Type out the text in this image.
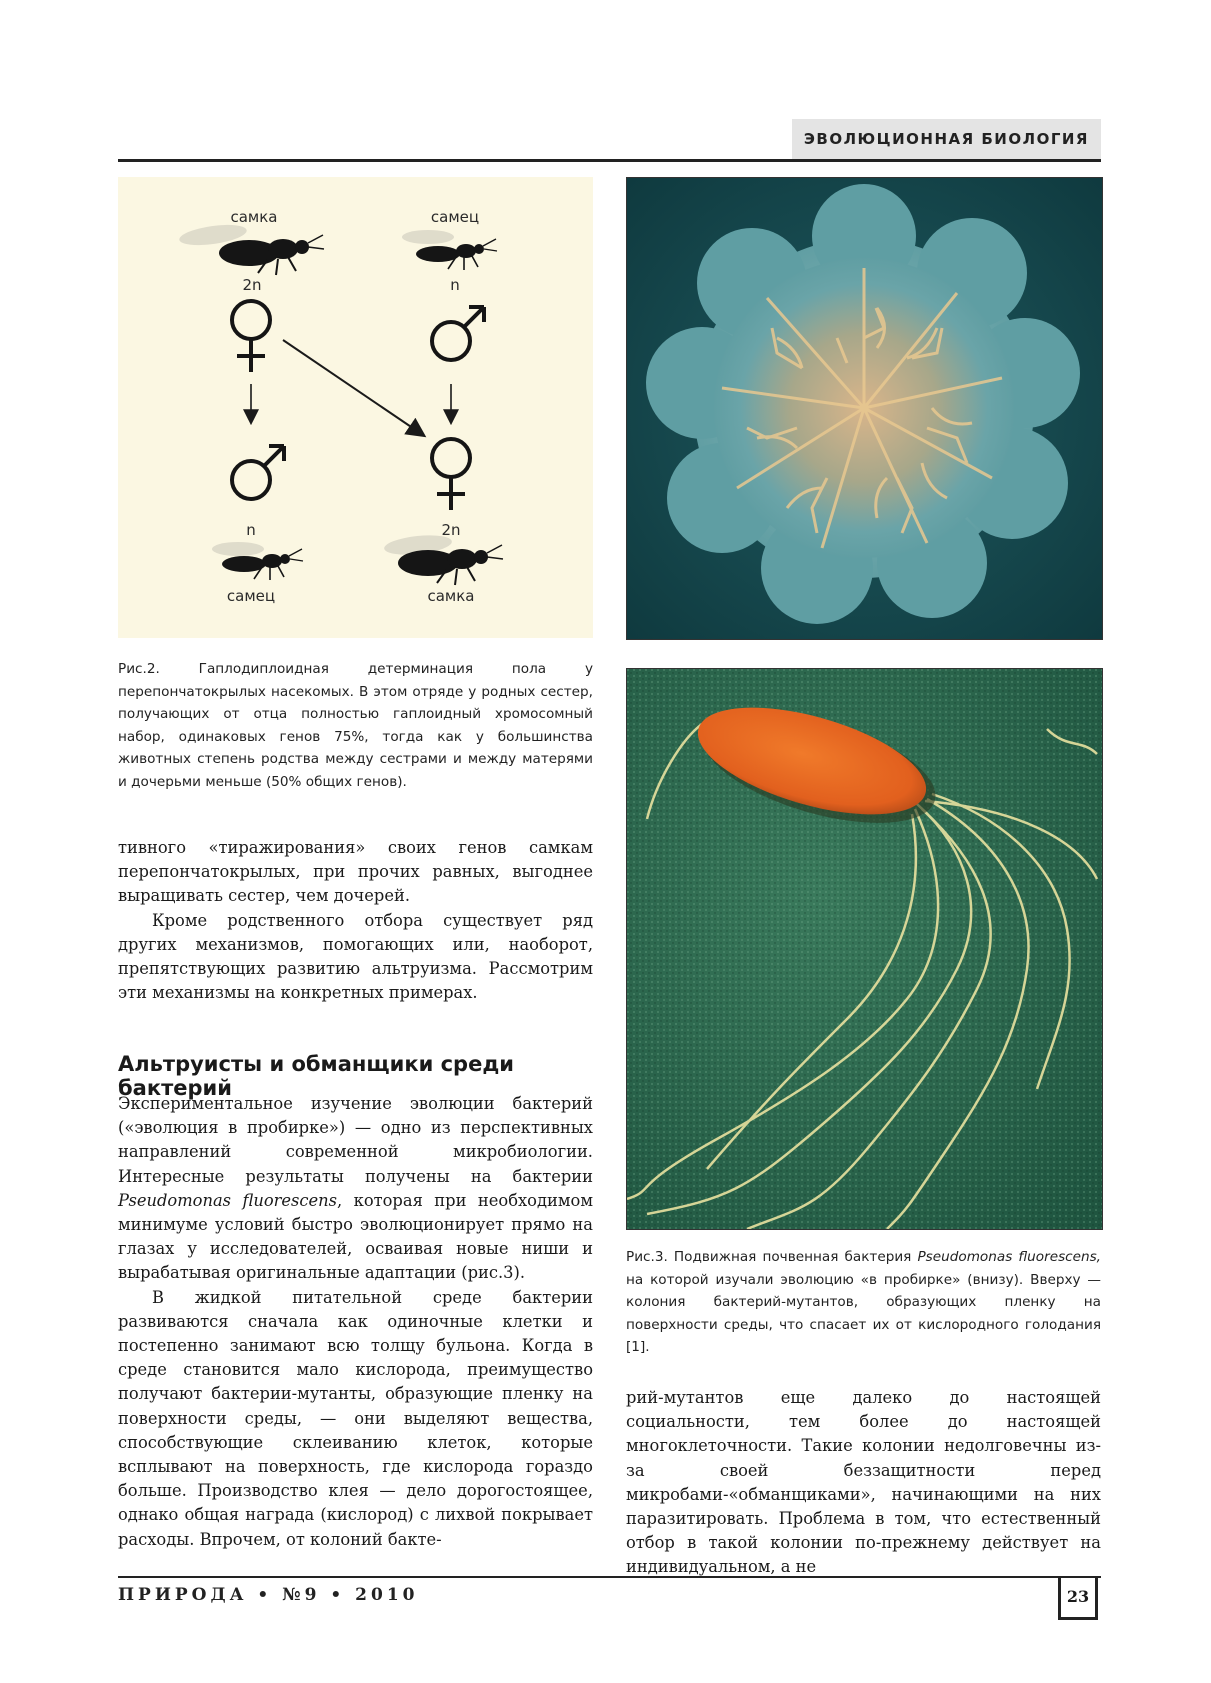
ЭВОЛЮЦИОННАЯ БИОЛОГИЯ
самка	самец
2n	n
n	2n
самец	самка
Рис.2. Гаплодиплоидная детерминация пола у перепончатокрылых насекомых. В этом отряде у родных сестер, получающих от отца полностью гаплоидный хромосомный набор, одинаковых генов 75%, тогда как у большинства животных степень родства между сестрами и между матерями и дочерьми меньше (50% общих генов).
Рис.3. Подвижная почвенная бактерия Pseudomonas fluorescens, на которой изучали эволюцию «в пробирке» (внизу). Вверху — колония бактерий-мутантов, образующих пленку на поверхности среды, что спасает их от кислородного голодания [1].

тивного «тиражирования» своих генов самкам перепончатокрылых, при прочих равных, выгоднее выращивать сестер, чем дочерей.

Кроме родственного отбора существует ряд других механизмов, помогающих или, наоборот, препятствующих развитию альтруизма. Рассмотрим эти механизмы на конкретных примерах.

Альтруисты и обманщики среди бактерий

Экспериментальное изучение эволюции бактерий («эволюция в пробирке») — одно из перспективных направлений современной микробиологии. Интересные результаты получены на бактерии Pseudomonas fluorescens, которая при необходимом минимуме условий быстро эволюционирует прямо на глазах у исследователей, осваивая новые ниши и вырабатывая оригинальные адаптации (рис.3).

В жидкой питательной среде бактерии развиваются сначала как одиночные клетки и постепенно занимают всю толщу бульона. Когда в среде становится мало кислорода, преимущество получают бактерии-мутанты, образующие пленку на поверхности среды, — они выделяют вещества, способствующие склеиванию клеток, которые всплывают на поверхность, где кислорода гораздо больше. Производство клея — дело дорогостоящее, однако общая награда (кислород) с лихвой покрывает расходы. Впрочем, от колоний бакте-

рий-мутантов еще далеко до настоящей социальности, тем более до настоящей многоклеточности. Такие колонии недолговечны из-за своей беззащитности перед микробами-«обманщиками», начинающими на них паразитировать. Проблема в том, что естественный отбор в такой колонии по-прежнему действует на индивидуальном, а не

ПРИРОДА • №9 • 2010	23
